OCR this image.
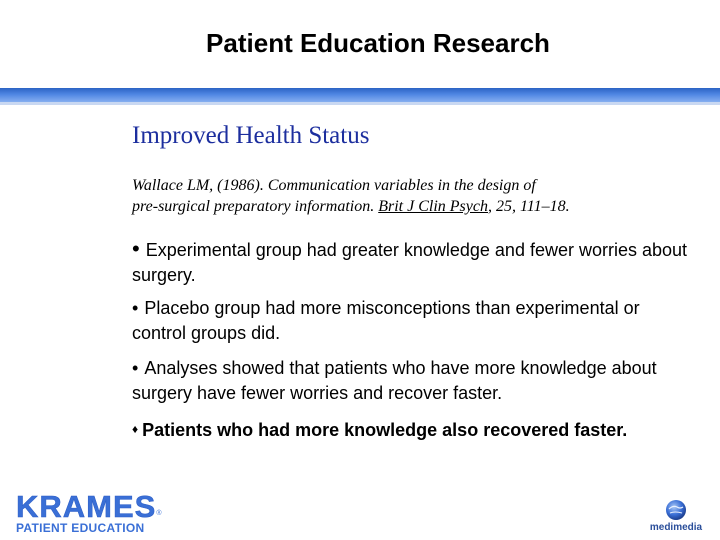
Patient Education Research
Improved Health Status
Wallace LM, (1986). Communication variables in the design of
pre-surgical preparatory information. Brit J Clin Psych, 25, 111–18.
• Experimental group had greater knowledge and fewer worries about surgery.
• Placebo group had more misconceptions than experimental or control groups did.
• Analyses showed that patients who have more knowledge about surgery have fewer worries and recover faster.
♦ Patients who had more knowledge also recovered faster.
KRAMES®
PATIENT EDUCATION	medimedia
